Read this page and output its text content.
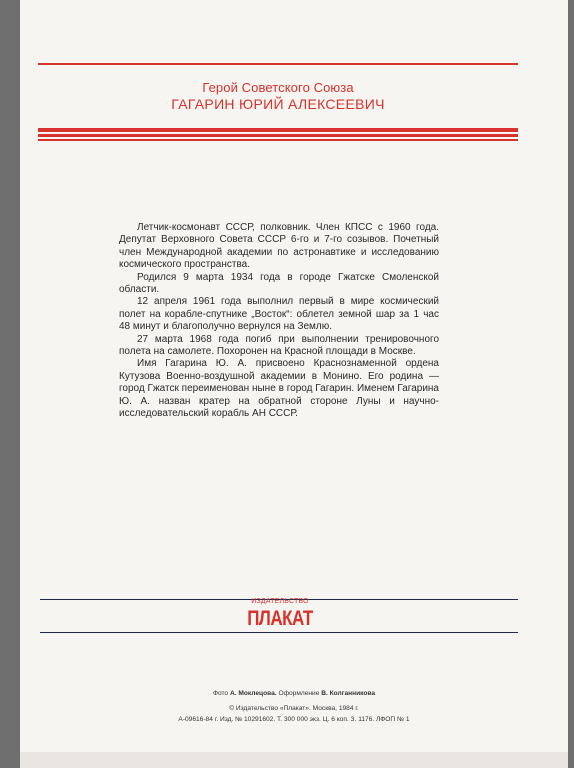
Герой Советского Союза
ГАГАРИН ЮРИЙ АЛЕКСЕЕВИЧ

Летчик-космонавт СССР, полковник. Член КПСС с 1960 года. Депутат Верховного Совета СССР 6-го и 7-го созывов. Почетный член Международной академии по астронавтике и исследованию космического пространства.

Родился 9 марта 1934 года в городе Гжатске Смоленской области.

12 апреля 1961 года выполнил первый в мире космический полет на корабле-спутнике „Восток“: облетел земной шар за 1 час 48 минут и благополучно вернулся на Землю.

27 марта 1968 года погиб при выполнении тренировочного полета на самолете. Похоронен на Красной площади в Москве.

Имя Гагарина Ю. А. присвоено Краснознаменной ордена Кутузова Военно-воздушной академии в Монино. Его родина — город Гжатск переименован ныне в город Гагарин. Именем Гагарина Ю. А. назван кратер на обратной стороне Луны и научно-исследовательский корабль АН СССР.

ИЗДАТЕЛЬСТВО
ПЛАКАТ
Фото А. Моклецова. Оформление В. Колганникова
© Издательство «Плакат». Москва, 1984 г.
А-09616-84 г. Изд. № 10291602. Т. 300 000 экз. Ц. 6 коп. З. 1176. ЛФОП № 1
